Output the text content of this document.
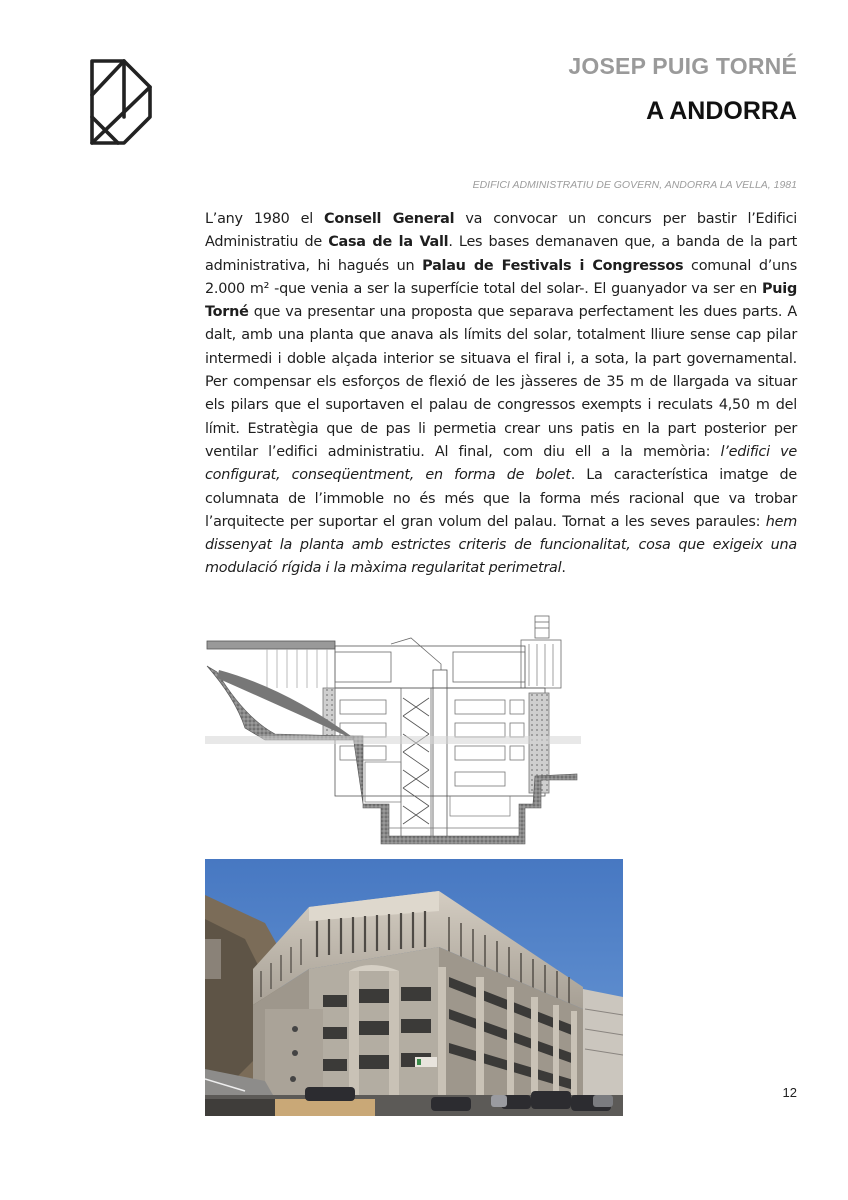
JOSEP PUIG TORNÉ
A ANDORRA
EDIFICI ADMINISTRATIU DE GOVERN, ANDORRA LA VELLA, 1981
L’any 1980 el Consell General va convocar un concurs per bastir l’Edifici Administratiu de Casa de la Vall. Les bases demanaven que, a banda de la part administrativa, hi hagués un Palau de Festivals i Congressos comunal d’uns 2.000 m² -que venia a ser la superfície total del solar-. El guanyador va ser en Puig Torné que va presentar una proposta que separava perfectament les dues parts. A dalt, amb una planta que anava als límits del solar, totalment lliure sense cap pilar intermedi i doble alçada interior se situava el firal i, a sota, la part governamental. Per compensar els esforços de flexió de les jàsseres de 35 m de llargada va situar els pilars que el suportaven el palau de congressos exempts i reculats 4,50 m del límit. Estratègia que de pas li permetia crear uns patis en la part posterior per ventilar l’edifici administratiu. Al final, com diu ell a la memòria: l’edifici ve configurat, conseqüentment, en forma de bolet. La característica imatge de columnata de l’immoble no és més que la forma més racional que va trobar l’arquitecte per suportar el gran volum del palau. Tornat a les seves paraules: hem dissenyat la planta amb estrictes criteris de funcionalitat, cosa que exigeix una modulació rígida i la màxima regularitat perimetral.
12
